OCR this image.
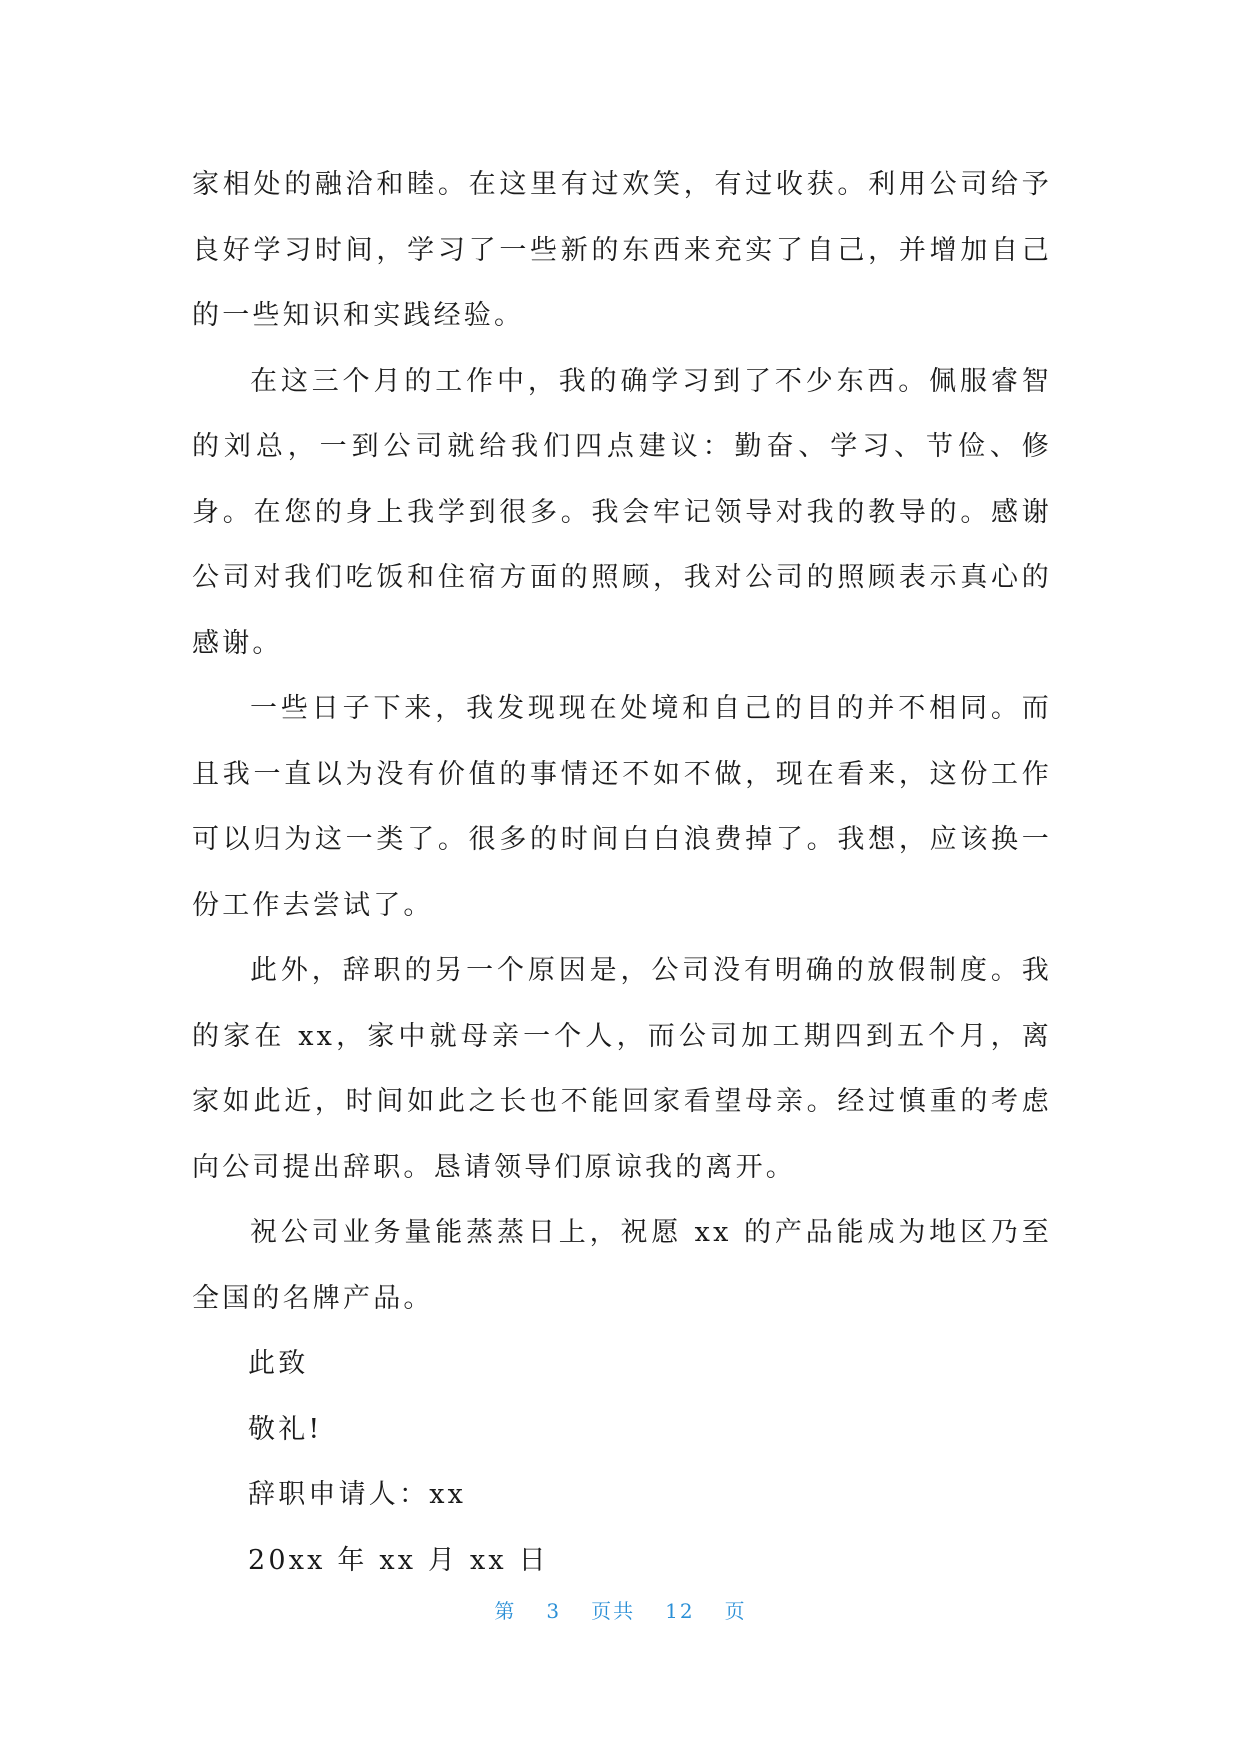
家相处的融洽和睦。在这里有过欢笑，有过收获。利用公司给予良好学习时间，学习了一些新的东西来充实了自己，并增加自己的一些知识和实践经验。

在这三个月的工作中，我的确学习到了不少东西。佩服睿智的刘总，一到公司就给我们四点建议：勤奋、学习、节俭、修身。在您的身上我学到很多。我会牢记领导对我的教导的。感谢公司对我们吃饭和住宿方面的照顾，我对公司的照顾表示真心的感谢。

一些日子下来，我发现现在处境和自己的目的并不相同。而且我一直以为没有价值的事情还不如不做，现在看来，这份工作可以归为这一类了。很多的时间白白浪费掉了。我想，应该换一份工作去尝试了。

此外，辞职的另一个原因是，公司没有明确的放假制度。我的家在 xx，家中就母亲一个人，而公司加工期四到五个月，离家如此近，时间如此之长也不能回家看望母亲。经过慎重的考虑向公司提出辞职。恳请领导们原谅我的离开。

祝公司业务量能蒸蒸日上，祝愿 xx 的产品能成为地区乃至全国的名牌产品。

此致

敬礼!

辞职申请人：xx

20xx 年 xx 月 xx 日

第 3 页共 12 页
